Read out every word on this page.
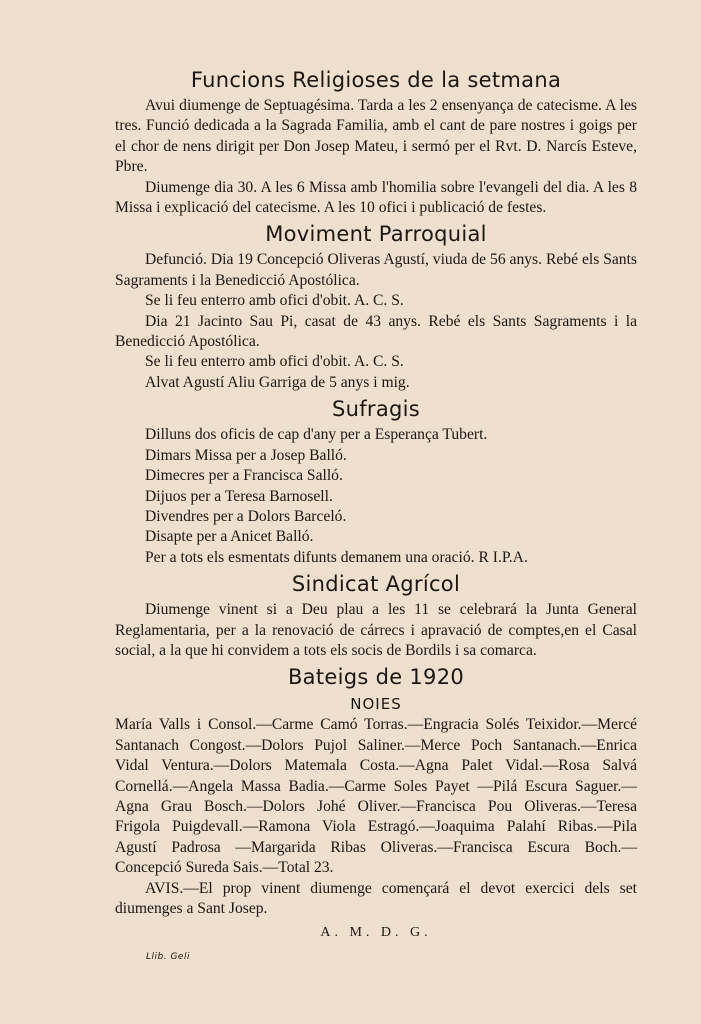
Funcions Religioses de la setmana

Avui diumenge de Septuagésima. Tarda a les 2 ensenyança de catecisme. A les tres. Funció dedicada a la Sagrada Familia, amb el cant de pare nostres i goigs per el chor de nens dirigit per Don Josep Mateu, i sermó per el Rvt. D. Narcís Esteve, Pbre.

Diumenge dia 30. A les 6 Missa amb l'homilia sobre l'evangeli del dia. A les 8 Missa i explicació del catecisme. A les 10 ofici i publicació de festes.

Moviment Parroquial

Defunció. Dia 19 Concepció Oliveras Agustí, viuda de 56 anys. Rebé els Sants Sagraments i la Benedicció Apostólica.

Se li feu enterro amb ofici d'obit. A. C. S.

Dia 21 Jacinto Sau Pi, casat de 43 anys. Rebé els Sants Sagraments i la Benedicció Apostólica.

Se li feu enterro amb ofici d'obit. A. C. S.

Alvat Agustí Aliu Garriga de 5 anys i mig.

Sufragis

Dilluns dos oficis de cap d'any per a Esperança Tubert.

Dimars Missa per a Josep Balló.

Dimecres per a Francisca Salló.

Dijuos per a Teresa Barnosell.

Divendres per a Dolors Barceló.

Disapte per a Anicet Balló.

Per a tots els esmentats difunts demanem una oració. R I.P.A.

Sindicat Agrícol

Diumenge vinent si a Deu plau a les 11 se celebrará la Junta General Reglamentaria, per a la renovació de cárrecs i apravació de comptes,en el Casal social, a la que hi convidem a tots els socis de Bordils i sa comarca.

Bateigs de 1920
NOIES

María Valls i Consol.—Carme Camó Torras.—Engracia Solés Teixidor.—Mercé Santanach Congost.—Dolors Pujol Saliner.—Merce Poch Santanach.—Enrica Vidal Ventura.—Dolors Matemala Costa.—Agna Palet Vidal.—Rosa Salvá Cornellá.—Angela Massa Badia.—Carme Soles Payet —Pilá Escura Saguer.—Agna Grau Bosch.—Dolors Johé Oliver.—Francisca Pou Oliveras.—Teresa Frigola Puigdevall.—Ramona Viola Estragó.—Joaquima Palahí Ribas.—Pila Agustí Padrosa —Margarida Ribas Oliveras.—Francisca Escura Boch.—Concepció Sureda Sais.—Total 23.

AVIS.—El prop vinent diumenge començará el devot exercici dels set diumenges a Sant Josep.

A. M. D. G.
Llib. Geli
